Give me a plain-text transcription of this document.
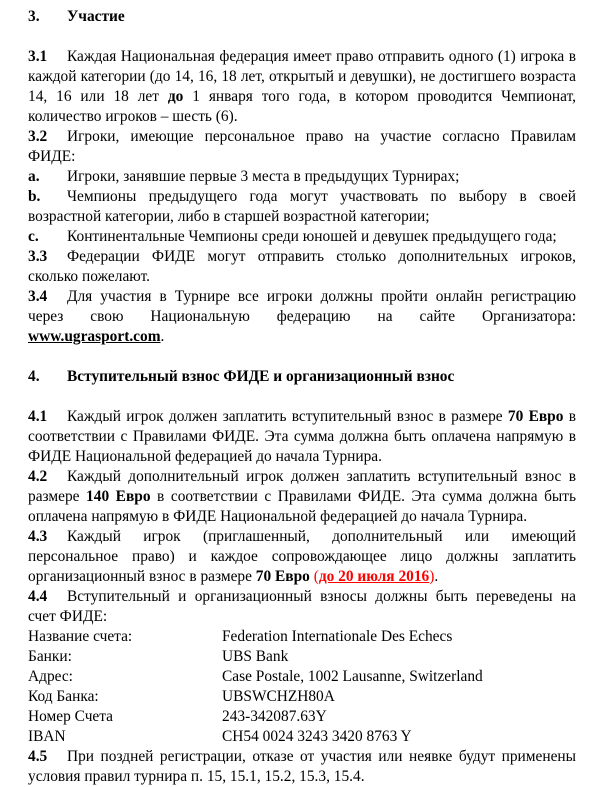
3. Участие

3.1 Каждая Национальная федерация имеет право отправить одного (1) игрока в каждой категории (до 14, 16, 18 лет, открытый и девушки), не достигшего возраста 14, 16 или 18 лет до 1 января того года, в котором проводится Чемпионат, количество игроков – шесть (6).

3.2 Игроки, имеющие персональное право на участие согласно Правилам ФИДЕ:

a. Игроки, занявшие первые 3 места в предыдущих Турнирах;

b. Чемпионы предыдущего года могут участвовать по выбору в своей возрастной категории, либо в старшей возрастной категории;

c. Континентальные Чемпионы среди юношей и девушек предыдущего года;

3.3 Федерации ФИДЕ могут отправить столько дополнительных игроков, сколько пожелают.

3.4 Для участия в Турнире все игроки должны пройти онлайн регистрацию через свою Национальную федерацию на сайте Организатора: www.ugrasport.com.

4. Вступительный взнос ФИДЕ и организационный взнос

4.1 Каждый игрок должен заплатить вступительный взнос в размере 70 Евро в соответствии с Правилами ФИДЕ. Эта сумма должна быть оплачена напрямую в ФИДЕ Национальной федерацией до начала Турнира.

4.2 Каждый дополнительный игрок должен заплатить вступительный взнос в размере 140 Евро в соответствии с Правилами ФИДЕ. Эта сумма должна быть оплачена напрямую в ФИДЕ Национальной федерацией до начала Турнира.

4.3 Каждый игрок (приглашенный, дополнительный или имеющий персональное право) и каждое сопровождающее лицо должны заплатить организационный взнос в размере 70 Евро (до 20 июля 2016).

4.4 Вступительный и организационный взносы должны быть переведены на счет ФИДЕ:

Название счета:	Federation Internationale Des Echecs

Банки:	UBS Bank

Адрес:	Case Postale, 1002 Lausanne, Switzerland

Код Банка:	UBSWCHZH80A

Номер Счета	243-342087.63Y

IBAN	CH54 0024 3243 3420 8763 Y

4.5 При поздней регистрации, отказе от участия или неявке будут применены условия правил турнира п. 15, 15.1, 15.2, 15.3, 15.4.
